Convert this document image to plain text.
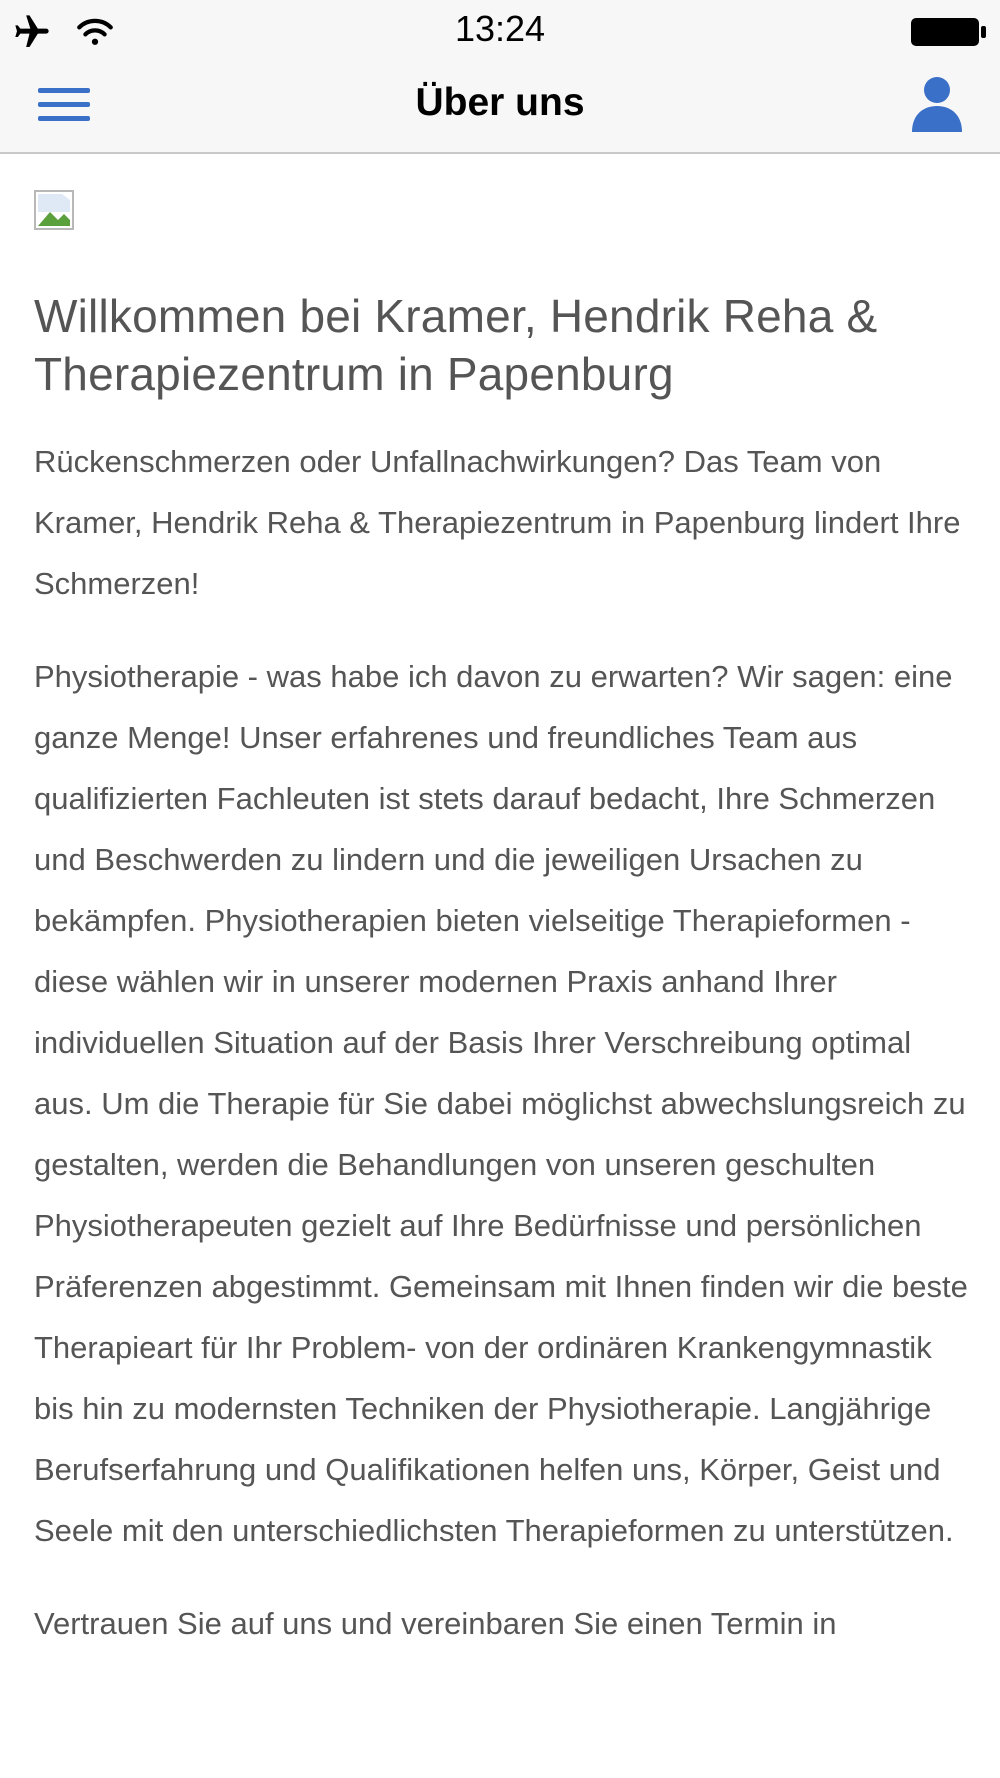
13:24
Über uns
Willkommen bei Kramer, Hendrik Reha & Therapiezentrum in Papenburg

Rückenschmerzen oder Unfallnachwirkungen? Das Team von Kramer, Hendrik Reha & Therapiezentrum in Papenburg lindert Ihre Schmerzen!

Physiotherapie - was habe ich davon zu erwarten? Wir sagen: eine ganze Menge! Unser erfahrenes und freundliches Team aus qualifizierten Fachleuten ist stets darauf bedacht, Ihre Schmerzen und Beschwerden zu lindern und die jeweiligen Ursachen zu bekämpfen. Physiotherapien bieten vielseitige Therapieformen - diese wählen wir in unserer modernen Praxis anhand Ihrer individuellen Situation auf der Basis Ihrer Verschreibung optimal aus. Um die Therapie für Sie dabei möglichst abwechslungsreich zu gestalten, werden die Behandlungen von unseren geschulten Physiotherapeuten gezielt auf Ihre Bedürfnisse und persönlichen Präferenzen abgestimmt. Gemeinsam mit Ihnen finden wir die beste Therapieart für Ihr Problem- von der ordinären Krankengymnastik bis hin zu modernsten Techniken der Physiotherapie. Langjährige Berufserfahrung und Qualifikationen helfen uns, Körper, Geist und Seele mit den unterschiedlichsten Therapieformen zu unterstützen.

Vertrauen Sie auf uns und vereinbaren Sie einen Termin in
